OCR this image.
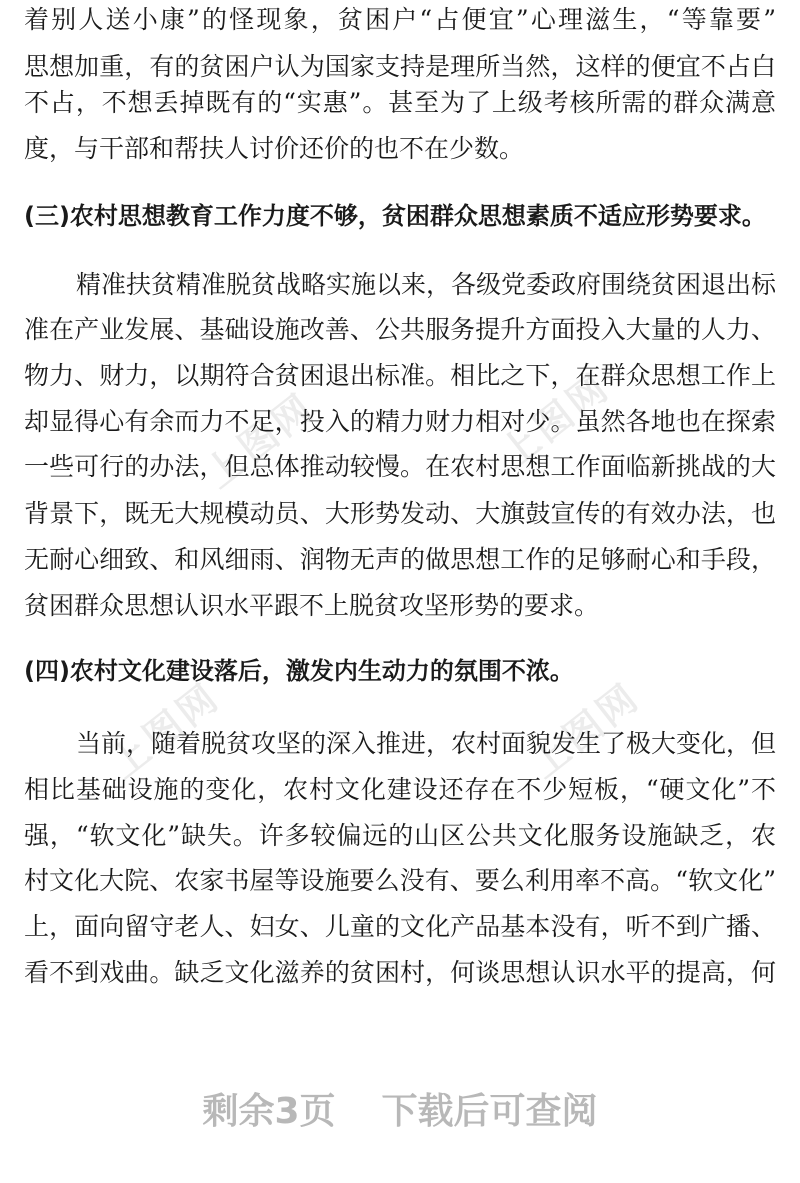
上图网	上图网
上图网	上图网
着别人送小康”的怪现象，贫困户“占便宜”心理滋生，“等靠要”
思想加重，有的贫困户认为国家支持是理所当然，这样的便宜不占白
不占，不想丢掉既有的“实惠”。甚至为了上级考核所需的群众满意
度，与干部和帮扶人讨价还价的也不在少数。
(三)农村思想教育工作力度不够，贫困群众思想素质不适应形势要求。
精准扶贫精准脱贫战略实施以来，各级党委政府围绕贫困退出标
准在产业发展、基础设施改善、公共服务提升方面投入大量的人力、
物力、财力，以期符合贫困退出标准。相比之下，在群众思想工作上
却显得心有余而力不足，投入的精力财力相对少。虽然各地也在探索
一些可行的办法，但总体推动较慢。在农村思想工作面临新挑战的大
背景下，既无大规模动员、大形势发动、大旗鼓宣传的有效办法，也
无耐心细致、和风细雨、润物无声的做思想工作的足够耐心和手段，
贫困群众思想认识水平跟不上脱贫攻坚形势的要求。
(四)农村文化建设落后，激发内生动力的氛围不浓。
当前，随着脱贫攻坚的深入推进，农村面貌发生了极大变化，但
相比基础设施的变化，农村文化建设还存在不少短板，“硬文化”不
强，“软文化”缺失。许多较偏远的山区公共文化服务设施缺乏，农
村文化大院、农家书屋等设施要么没有、要么利用率不高。“软文化”
上，面向留守老人、妇女、儿童的文化产品基本没有，听不到广播、
看不到戏曲。缺乏文化滋养的贫困村，何谈思想认识水平的提高，何
剩余3页 下载后可查阅
